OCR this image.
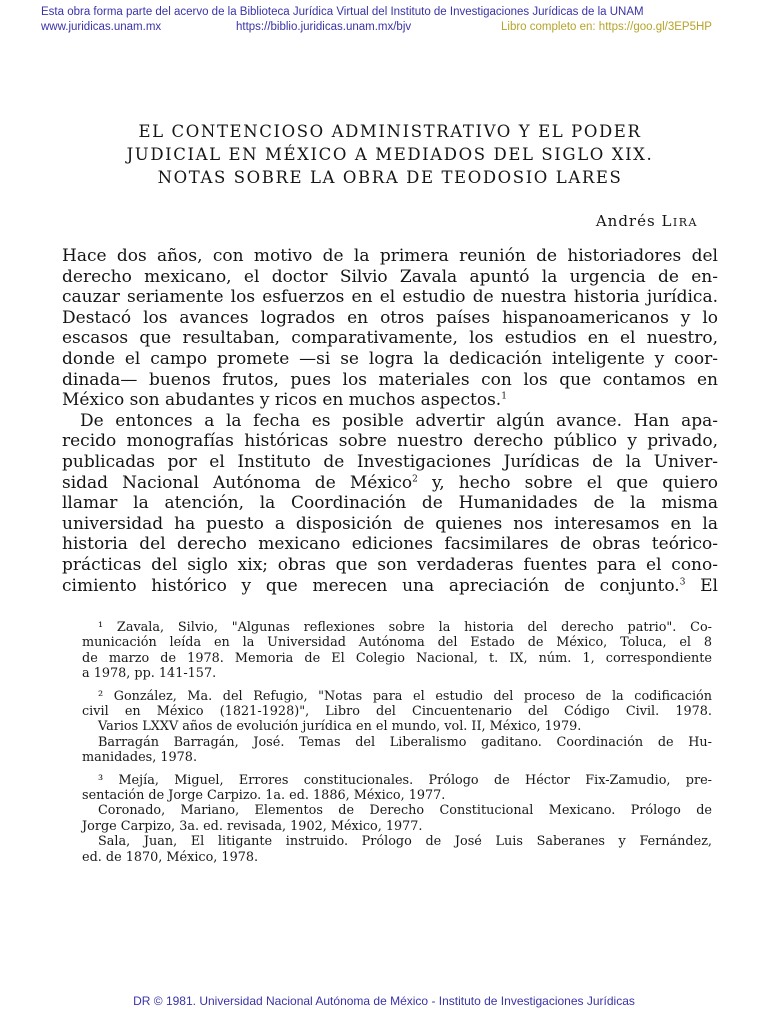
Esta obra forma parte del acervo de la Biblioteca Jurídica Virtual del Instituto de Investigaciones Jurídicas de la UNAM
www.juridicas.unam.mx	https://biblio.juridicas.unam.mx/bjv	Libro completo en: https://goo.gl/3EP5HP
EL CONTENCIOSO ADMINISTRATIVO Y EL PODER
JUDICIAL EN MÉXICO A MEDIADOS DEL SIGLO XIX.
NOTAS SOBRE LA OBRA DE TEODOSIO LARES
Andrés Lira

Hace dos años, con motivo de la primera reunión de historiadores del
derecho mexicano, el doctor Silvio Zavala apuntó la urgencia de en-
cauzar seriamente los esfuerzos en el estudio de nuestra historia jurídica.
Destacó los avances logrados en otros países hispanoamericanos y lo
escasos que resultaban, comparativamente, los estudios en el nuestro,
donde el campo promete —si se logra la dedicación inteligente y coor-
dinada— buenos frutos, pues los materiales con los que contamos en
México son abudantes y ricos en muchos aspectos.$^1$

De entonces a la fecha es posible advertir algún avance. Han apa-
recido monografías históricas sobre nuestro derecho público y privado,
publicadas por el Instituto de Investigaciones Jurídicas de la Univer-
sidad Nacional Autónoma de México$^2$ y, hecho sobre el que quiero
llamar la atención, la Coordinación de Humanidades de la misma
universidad ha puesto a disposición de quienes nos interesamos en la
historia del derecho mexicano ediciones facsimilares de obras teórico-
prácticas del siglo xix; obras que son verdaderas fuentes para el cono-
cimiento histórico y que merecen una apreciación de conjunto.$^3$ El

¹ Zavala, Silvio, "Algunas reflexiones sobre la historia del derecho patrio". Co-
municación leída en la Universidad Autónoma del Estado de México, Toluca, el 8
de marzo de 1978. Memoria de El Colegio Nacional, t. IX, núm. 1, correspondiente
a 1978, pp. 141-157.
² González, Ma. del Refugio, "Notas para el estudio del proceso de la codificación
civil en México (1821-1928)", Libro del Cincuentenario del Código Civil. 1978.
Varios LXXV años de evolución jurídica en el mundo, vol. II, México, 1979.
Barragán Barragán, José. Temas del Liberalismo gaditano. Coordinación de Hu-
manidades, 1978.
³ Mejía, Miguel, Errores constitucionales. Prólogo de Héctor Fix-Zamudio, pre-
sentación de Jorge Carpizo. 1a. ed. 1886, México, 1977.
Coronado, Mariano, Elementos de Derecho Constitucional Mexicano. Prólogo de
Jorge Carpizo, 3a. ed. revisada, 1902, México, 1977.
Sala, Juan, El litigante instruido. Prólogo de José Luis Saberanes y Fernández,
ed. de 1870, México, 1978.
DR © 1981. Universidad Nacional Autónoma de México - Instituto de Investigaciones Jurídicas
